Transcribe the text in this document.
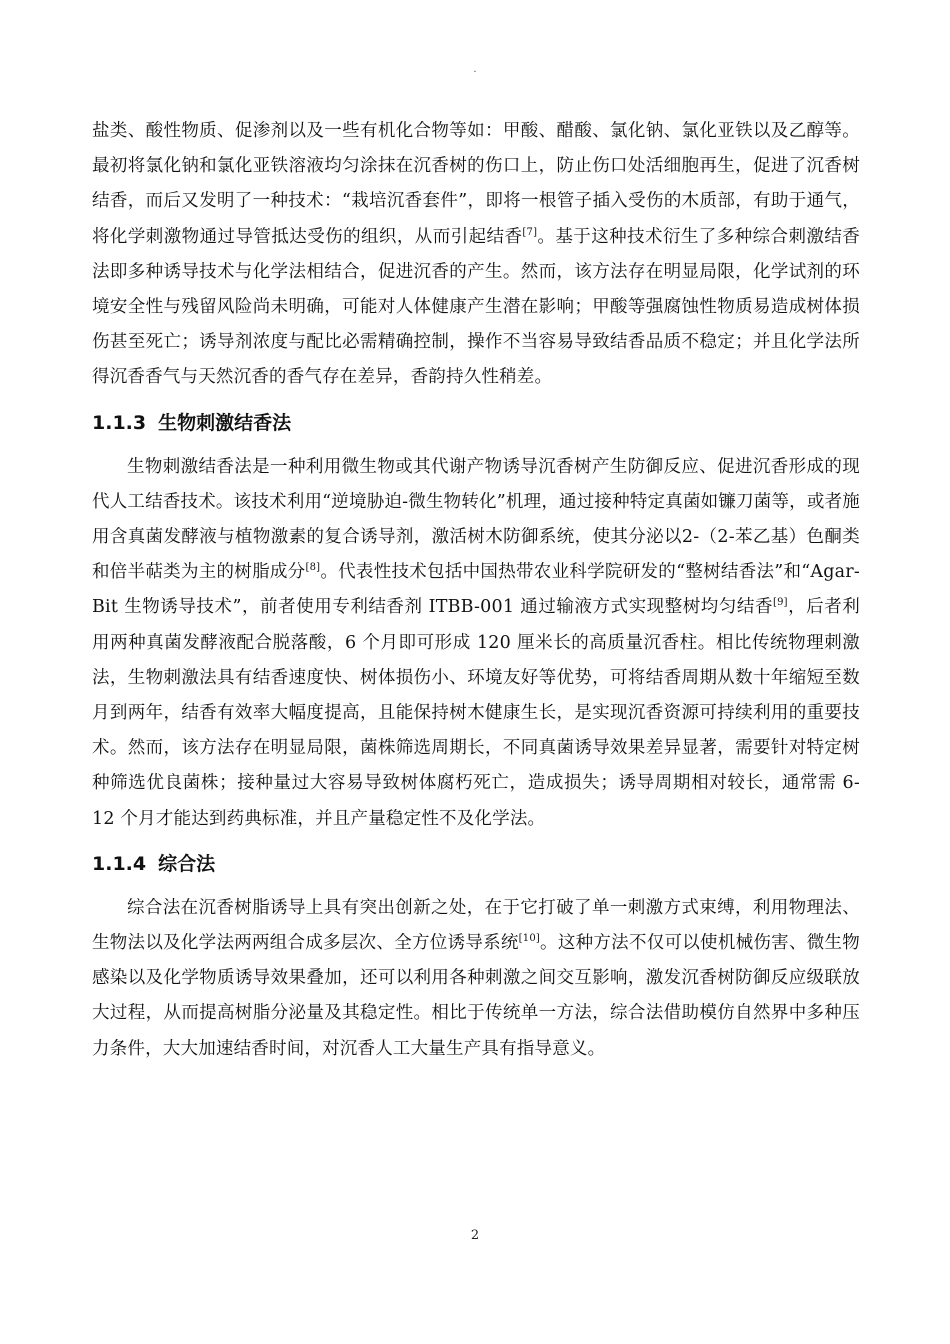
.

盐类、酸性物质、促渗剂以及一些有机化合物等如：甲酸、醋酸、氯化钠、氯化亚铁以及乙醇等。最初将氯化钠和氯化亚铁溶液均匀涂抹在沉香树的伤口上，防止伤口处活细胞再生，促进了沉香树结香，而后又发明了一种技术：“栽培沉香套件”，即将一根管子插入受伤的木质部，有助于通气，将化学刺激物通过导管抵达受伤的组织，从而引起结香[7]。基于这种技术衍生了多种综合刺激结香法即多种诱导技术与化学法相结合，促进沉香的产生。然而，该方法存在明显局限，化学试剂的环境安全性与残留风险尚未明确，可能对人体健康产生潜在影响；甲酸等强腐蚀性物质易造成树体损伤甚至死亡；诱导剂浓度与配比必需精确控制，操作不当容易导致结香品质不稳定；并且化学法所得沉香香气与天然沉香的香气存在差异，香韵持久性稍差。

1.1.3 生物刺激结香法

生物刺激结香法是一种利用微生物或其代谢产物诱导沉香树产生防御反应、促进沉香形成的现代人工结香技术。该技术利用“逆境胁迫-微生物转化”机理，通过接种特定真菌如镰刀菌等，或者施用含真菌发酵液与植物激素的复合诱导剂，激活树木防御系统，使其分泌以2-（2-苯乙基）色酮类和倍半萜类为主的树脂成分[8]。代表性技术包括中国热带农业科学院研发的“整树结香法”和“Agar-Bit 生物诱导技术”，前者使用专利结香剂 ITBB-001 通过输液方式实现整树均匀结香[9]，后者利用两种真菌发酵液配合脱落酸，6 个月即可形成 120 厘米长的高质量沉香柱。相比传统物理刺激法，生物刺激法具有结香速度快、树体损伤小、环境友好等优势，可将结香周期从数十年缩短至数月到两年，结香有效率大幅度提高，且能保持树木健康生长，是实现沉香资源可持续利用的重要技术。然而，该方法存在明显局限，菌株筛选周期长，不同真菌诱导效果差异显著，需要针对特定树种筛选优良菌株；接种量过大容易导致树体腐朽死亡，造成损失；诱导周期相对较长，通常需 6-12 个月才能达到药典标准，并且产量稳定性不及化学法。

1.1.4 综合法

综合法在沉香树脂诱导上具有突出创新之处，在于它打破了单一刺激方式束缚，利用物理法、生物法以及化学法两两组合成多层次、全方位诱导系统[10]。这种方法不仅可以使机械伤害、微生物感染以及化学物质诱导效果叠加，还可以利用各种刺激之间交互影响，激发沉香树防御反应级联放大过程，从而提高树脂分泌量及其稳定性。相比于传统单一方法，综合法借助模仿自然界中多种压力条件，大大加速结香时间，对沉香人工大量生产具有指导意义。

2
